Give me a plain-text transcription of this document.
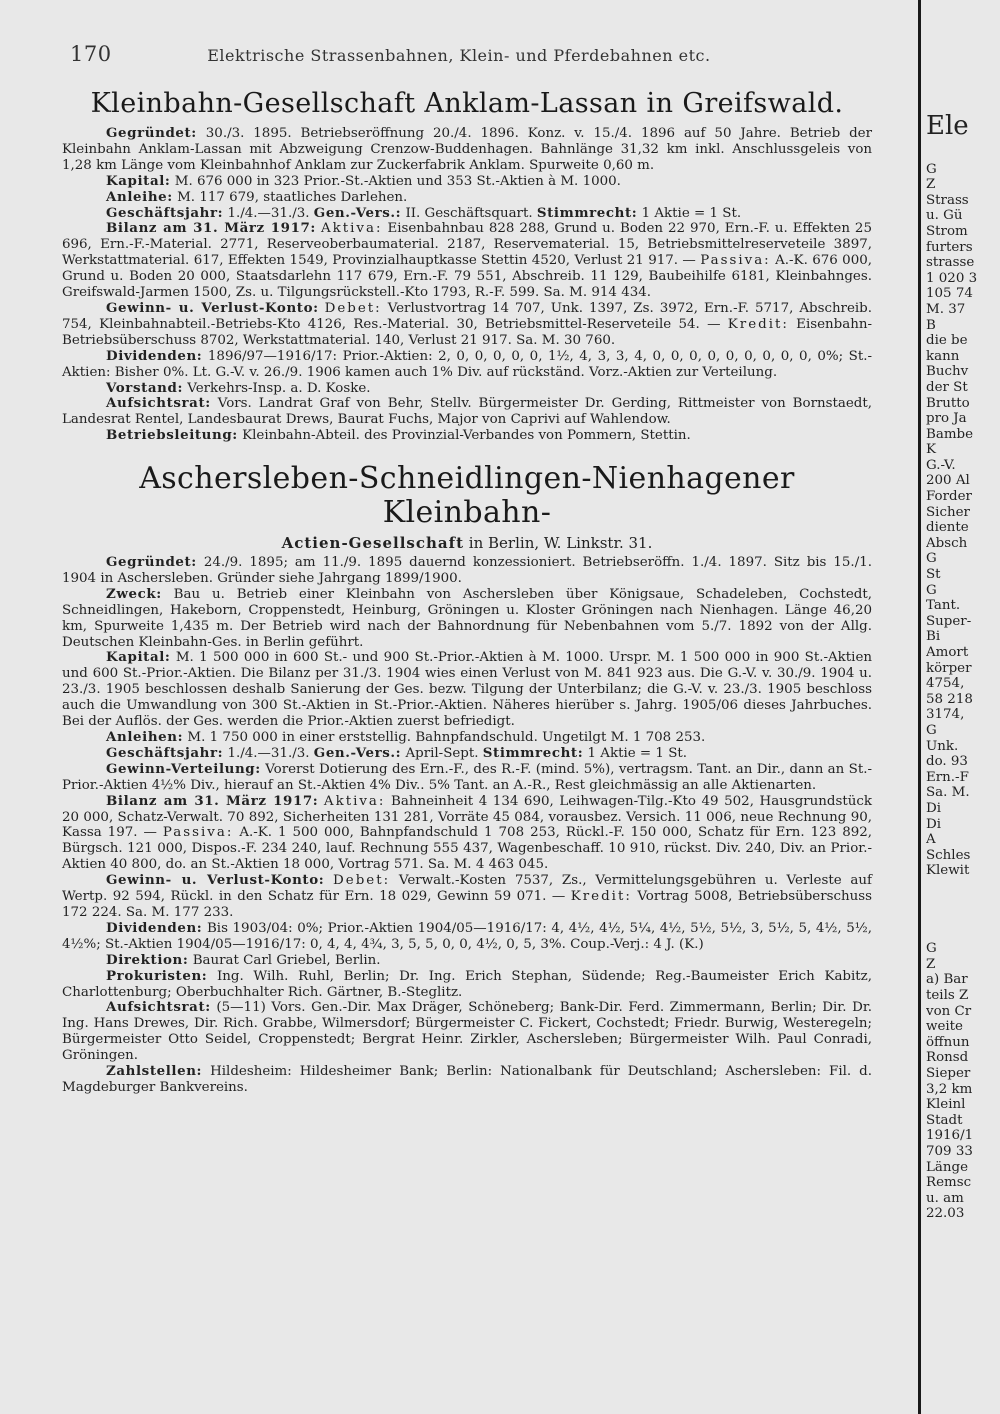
170	Elektrische Strassenbahnen, Klein- und Pferdebahnen etc.
Kleinbahn-Gesellschaft Anklam-Lassan in Greifswald.

Gegründet: 30./3. 1895. Betriebseröffnung 20./4. 1896. Konz. v. 15./4. 1896 auf 50 Jahre. Betrieb der Kleinbahn Anklam-Lassan mit Abzweigung Crenzow-Buddenhagen. Bahnlänge 31,32 km inkl. Anschlussgeleis von 1,28 km Länge vom Kleinbahnhof Anklam zur Zuckerfabrik Anklam. Spurweite 0,60 m.

Kapital: M. 676 000 in 323 Prior.-St.-Aktien und 353 St.-Aktien à M. 1000.

Anleihe: M. 117 679, staatliches Darlehen.

Geschäftsjahr: 1./4.—31./3. Gen.-Vers.: II. Geschäftsquart. Stimmrecht: 1 Aktie = 1 St.

Bilanz am 31. März 1917: Aktiva: Eisenbahnbau 828 288, Grund u. Boden 22 970, Ern.-F. u. Effekten 25 696, Ern.-F.-Material. 2771, Reserveoberbaumaterial. 2187, Reservematerial. 15, Betriebsmittelreserveteile 3897, Werkstattmaterial. 617, Effekten 1549, Provinzialhauptkasse Stettin 4520, Verlust 21 917. — Passiva: A.-K. 676 000, Grund u. Boden 20 000, Staatsdarlehn 117 679, Ern.-F. 79 551, Abschreib. 11 129, Baubeihilfe 6181, Kleinbahnges. Greifswald-Jarmen 1500, Zs. u. Tilgungsrückstell.-Kto 1793, R.-F. 599. Sa. M. 914 434.

Gewinn- u. Verlust-Konto: Debet: Verlustvortrag 14 707, Unk. 1397, Zs. 3972, Ern.-F. 5717, Abschreib. 754, Kleinbahnabteil.-Betriebs-Kto 4126, Res.-Material. 30, Betriebsmittel-Reserveteile 54. — Kredit: Eisenbahn-Betriebsüberschuss 8702, Werkstattmaterial. 140, Verlust 21 917. Sa. M. 30 760.

Dividenden: 1896/97—1916/17: Prior.-Aktien: 2, 0, 0, 0, 0, 0, 1½, 4, 3, 3, 4, 0, 0, 0, 0, 0, 0, 0, 0, 0, 0%; St.-Aktien: Bisher 0%. Lt. G.-V. v. 26./9. 1906 kamen auch 1% Div. auf rückständ. Vorz.-Aktien zur Verteilung.

Vorstand: Verkehrs-Insp. a. D. Koske.

Aufsichtsrat: Vors. Landrat Graf von Behr, Stellv. Bürgermeister Dr. Gerding, Rittmeister von Bornstaedt, Landesrat Rentel, Landesbaurat Drews, Baurat Fuchs, Major von Caprivi auf Wahlendow.

Betriebsleitung: Kleinbahn-Abteil. des Provinzial-Verbandes von Pommern, Stettin.

Aschersleben-Schneidlingen-Nienhagener Kleinbahn-
Actien-Gesellschaft in Berlin, W. Linkstr. 31.

Gegründet: 24./9. 1895; am 11./9. 1895 dauernd konzessioniert. Betriebseröffn. 1./4. 1897. Sitz bis 15./1. 1904 in Aschersleben. Gründer siehe Jahrgang 1899/1900.

Zweck: Bau u. Betrieb einer Kleinbahn von Aschersleben über Königsaue, Schadeleben, Cochstedt, Schneidlingen, Hakeborn, Croppenstedt, Heinburg, Gröningen u. Kloster Gröningen nach Nienhagen. Länge 46,20 km, Spurweite 1,435 m. Der Betrieb wird nach der Bahnordnung für Nebenbahnen vom 5./7. 1892 von der Allg. Deutschen Kleinbahn-Ges. in Berlin geführt.

Kapital: M. 1 500 000 in 600 St.- und 900 St.-Prior.-Aktien à M. 1000. Urspr. M. 1 500 000 in 900 St.-Aktien und 600 St.-Prior.-Aktien. Die Bilanz per 31./3. 1904 wies einen Verlust von M. 841 923 aus. Die G.-V. v. 30./9. 1904 u. 23./3. 1905 beschlossen deshalb Sanierung der Ges. bezw. Tilgung der Unterbilanz; die G.-V. v. 23./3. 1905 beschloss auch die Umwandlung von 300 St.-Aktien in St.-Prior.-Aktien. Näheres hierüber s. Jahrg. 1905/06 dieses Jahrbuches. Bei der Auflös. der Ges. werden die Prior.-Aktien zuerst befriedigt.

Anleihen: M. 1 750 000 in einer erststellig. Bahnpfandschuld. Ungetilgt M. 1 708 253.

Geschäftsjahr: 1./4.—31./3. Gen.-Vers.: April-Sept. Stimmrecht: 1 Aktie = 1 St.

Gewinn-Verteilung: Vorerst Dotierung des Ern.-F., des R.-F. (mind. 5%), vertragsm. Tant. an Dir., dann an St.-Prior.-Aktien 4½% Div., hierauf an St.-Aktien 4% Div.. 5% Tant. an A.-R., Rest gleichmässig an alle Aktienarten.

Bilanz am 31. März 1917: Aktiva: Bahneinheit 4 134 690, Leihwagen-Tilg.-Kto 49 502, Hausgrundstück 20 000, Schatz-Verwalt. 70 892, Sicherheiten 131 281, Vorräte 45 084, vorausbez. Versich. 11 006, neue Rechnung 90, Kassa 197. — Passiva: A.-K. 1 500 000, Bahnpfandschuld 1 708 253, Rückl.-F. 150 000, Schatz für Ern. 123 892, Bürgsch. 121 000, Dispos.-F. 234 240, lauf. Rechnung 555 437, Wagenbeschaff. 10 910, rückst. Div. 240, Div. an Prior.-Aktien 40 800, do. an St.-Aktien 18 000, Vortrag 571. Sa. M. 4 463 045.

Gewinn- u. Verlust-Konto: Debet: Verwalt.-Kosten 7537, Zs., Vermittelungsgebühren u. Verleste auf Wertp. 92 594, Rückl. in den Schatz für Ern. 18 029, Gewinn 59 071. — Kredit: Vortrag 5008, Betriebsüberschuss 172 224. Sa. M. 177 233.

Dividenden: Bis 1903/04: 0%; Prior.-Aktien 1904/05—1916/17: 4, 4½, 4½, 5¼, 4½, 5½, 5½, 3, 5½, 5, 4½, 5½, 4½%; St.-Aktien 1904/05—1916/17: 0, 4, 4, 4¾, 3, 5, 5, 0, 0, 4½, 0, 5, 3%. Coup.-Verj.: 4 J. (K.)

Direktion: Baurat Carl Griebel, Berlin.

Prokuristen: Ing. Wilh. Ruhl, Berlin; Dr. Ing. Erich Stephan, Südende; Reg.-Baumeister Erich Kabitz, Charlottenburg; Oberbuchhalter Rich. Gärtner, B.-Steglitz.

Aufsichtsrat: (5—11) Vors. Gen.-Dir. Max Dräger, Schöneberg; Bank-Dir. Ferd. Zimmermann, Berlin; Dir. Dr. Ing. Hans Drewes, Dir. Rich. Grabbe, Wilmersdorf; Bürgermeister C. Fickert, Cochstedt; Friedr. Burwig, Westeregeln; Bürgermeister Otto Seidel, Croppenstedt; Bergrat Heinr. Zirkler, Aschersleben; Bürgermeister Wilh. Paul Conradi, Gröningen.

Zahlstellen: Hildesheim: Hildesheimer Bank; Berlin: Nationalbank für Deutschland; Aschersleben: Fil. d. Magdeburger Bankvereins.

Ele
G
Z
Strass
u. Gü
Strom
furters
strasse
1 020 3
105 74
M. 37
B
die be
kann
Buchv
der St
Brutto
pro Ja
Bambe
K
G.-V.
200 Al
Forder
Sicher
diente
Absch
G
St
G
Tant.
Super-
Bi
Amort
körper
4754,
58 218
3174,
G
Unk.
do. 93
Ern.-F
Sa. M.
Di
Di
A
Schles
Klewit
G
Z
a) Bar
teils Z
von Cr
weite
öffnun
Ronsd
Sieper
3,2 km
Kleinl
Stadt
1916/1
709 33
Länge
Remsc
u. am
22.03
